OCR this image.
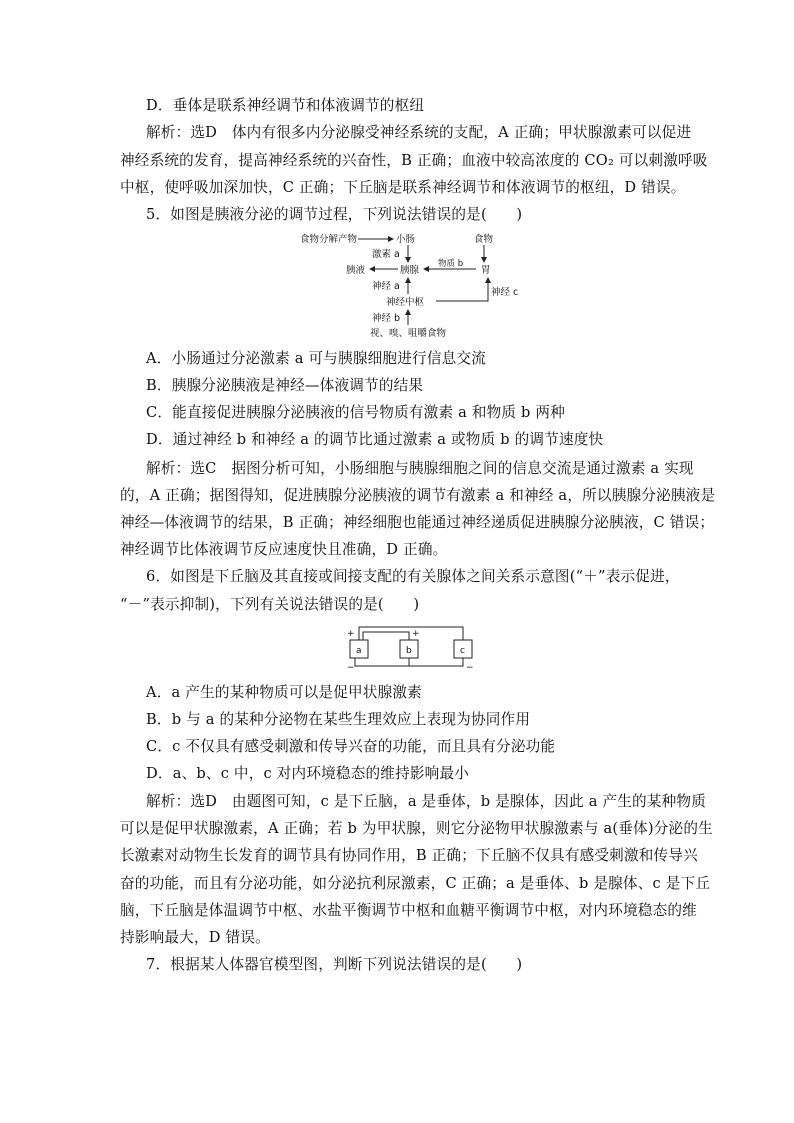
D．垂体是联系神经调节和体液调节的枢纽
解析：选D　体内有很多内分泌腺受神经系统的支配，A 正确；甲状腺激素可以促进
神经系统的发育，提高神经系统的兴奋性，B 正确；血液中较高浓度的 CO₂ 可以刺激呼吸
中枢，使呼吸加深加快，C 正确；下丘脑是联系神经调节和体液调节的枢纽，D 错误。
5．如图是胰液分泌的调节过程，下列说法错误的是(　　)
食物分解产物	小肠	食物
激素 a
胰液	胰腺
物质 b
胃
神经 a
神经中枢
神经 c
神经 b
视、嗅、咀嚼食物
A．小肠通过分泌激素 a 可与胰腺细胞进行信息交流
B．胰腺分泌胰液是神经—体液调节的结果
C．能直接促进胰腺分泌胰液的信号物质有激素 a 和物质 b 两种
D．通过神经 b 和神经 a 的调节比通过激素 a 或物质 b 的调节速度快
解析：选C　据图分析可知，小肠细胞与胰腺细胞之间的信息交流是通过激素 a 实现
的，A 正确；据图得知，促进胰腺分泌胰液的调节有激素 a 和神经 a，所以胰腺分泌胰液是
神经—体液调节的结果，B 正确；神经细胞也能通过神经递质促进胰腺分泌胰液，C 错误；
神经调节比体液调节反应速度快且准确，D 正确。
6．如图是下丘脑及其直接或间接支配的有关腺体之间关系示意图(“＋”表示促进，
“－”表示抑制)，下列有关说法错误的是(　　)
a	b	c
+	+
−	−
A．a 产生的某种物质可以是促甲状腺激素
B．b 与 a 的某种分泌物在某些生理效应上表现为协同作用
C．c 不仅具有感受刺激和传导兴奋的功能，而且具有分泌功能
D．a、b、c 中，c 对内环境稳态的维持影响最小
解析：选D　由题图可知，c 是下丘脑，a 是垂体，b 是腺体，因此 a 产生的某种物质
可以是促甲状腺激素，A 正确；若 b 为甲状腺，则它分泌物甲状腺激素与 a(垂体)分泌的生
长激素对动物生长发育的调节具有协同作用，B 正确；下丘脑不仅具有感受刺激和传导兴
奋的功能，而且有分泌功能，如分泌抗利尿激素，C 正确；a 是垂体、b 是腺体、c 是下丘
脑，下丘脑是体温调节中枢、水盐平衡调节中枢和血糖平衡调节中枢，对内环境稳态的维
持影响最大，D 错误。
7．根据某人体器官模型图，判断下列说法错误的是(　　)
